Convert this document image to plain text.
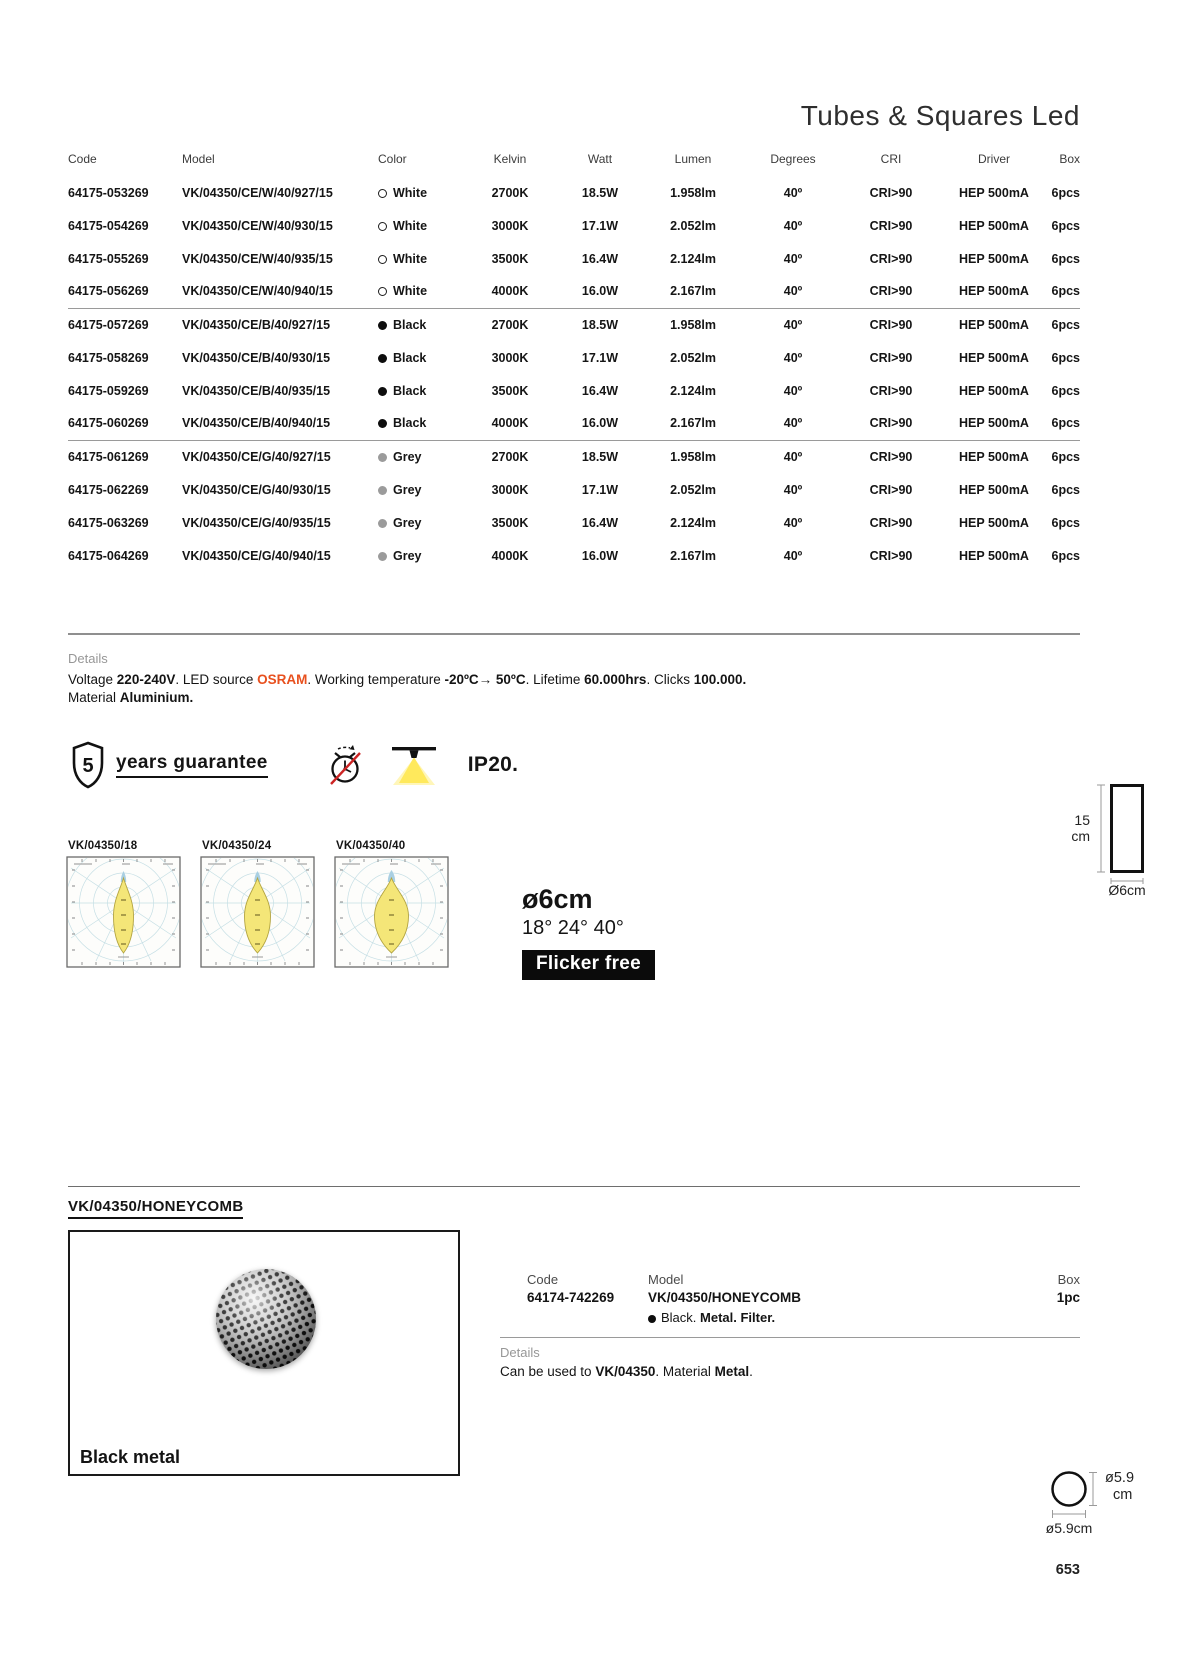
Tubes & Squares Led
Code	Model	Color	Kelvin	Watt	Lumen	Degrees	CRI	Driver	Box
64175-053269	VK/04350/CE/W/40/927/15	White	2700K	18.5W	1.958lm	40º	CRI>90	HEP 500mA	6pcs
64175-054269	VK/04350/CE/W/40/930/15	White	3000K	17.1W	2.052lm	40º	CRI>90	HEP 500mA	6pcs
64175-055269	VK/04350/CE/W/40/935/15	White	3500K	16.4W	2.124lm	40º	CRI>90	HEP 500mA	6pcs
64175-056269	VK/04350/CE/W/40/940/15	White	4000K	16.0W	2.167lm	40º	CRI>90	HEP 500mA	6pcs
64175-057269	VK/04350/CE/B/40/927/15	Black	2700K	18.5W	1.958lm	40º	CRI>90	HEP 500mA	6pcs
64175-058269	VK/04350/CE/B/40/930/15	Black	3000K	17.1W	2.052lm	40º	CRI>90	HEP 500mA	6pcs
64175-059269	VK/04350/CE/B/40/935/15	Black	3500K	16.4W	2.124lm	40º	CRI>90	HEP 500mA	6pcs
64175-060269	VK/04350/CE/B/40/940/15	Black	4000K	16.0W	2.167lm	40º	CRI>90	HEP 500mA	6pcs
64175-061269	VK/04350/CE/G/40/927/15	Grey	2700K	18.5W	1.958lm	40º	CRI>90	HEP 500mA	6pcs
64175-062269	VK/04350/CE/G/40/930/15	Grey	3000K	17.1W	2.052lm	40º	CRI>90	HEP 500mA	6pcs
64175-063269	VK/04350/CE/G/40/935/15	Grey	3500K	16.4W	2.124lm	40º	CRI>90	HEP 500mA	6pcs
64175-064269	VK/04350/CE/G/40/940/15	Grey	4000K	16.0W	2.167lm	40º	CRI>90	HEP 500mA	6pcs
Details
Voltage 220-240V. LED source OSRAM. Working temperature -20ºC→ 50ºC. Lifetime 60.000hrs. Clicks 100.000.
Material Aluminium.
5 years guarantee	IP20.
VK/04350/18	VK/04350/24	VK/04350/40
ø6cm
18° 24° 40°
Flicker free
15
cm
Ø6cm
VK/04350/HONEYCOMB
Black metal
Code
64174-742269
Model
VK/04350/HONEYCOMB
Box
1pc
Black. Metal. Filter.
Details
Can be used to VK/04350. Material Metal.
ø5.9
cm
ø5.9cm
653
